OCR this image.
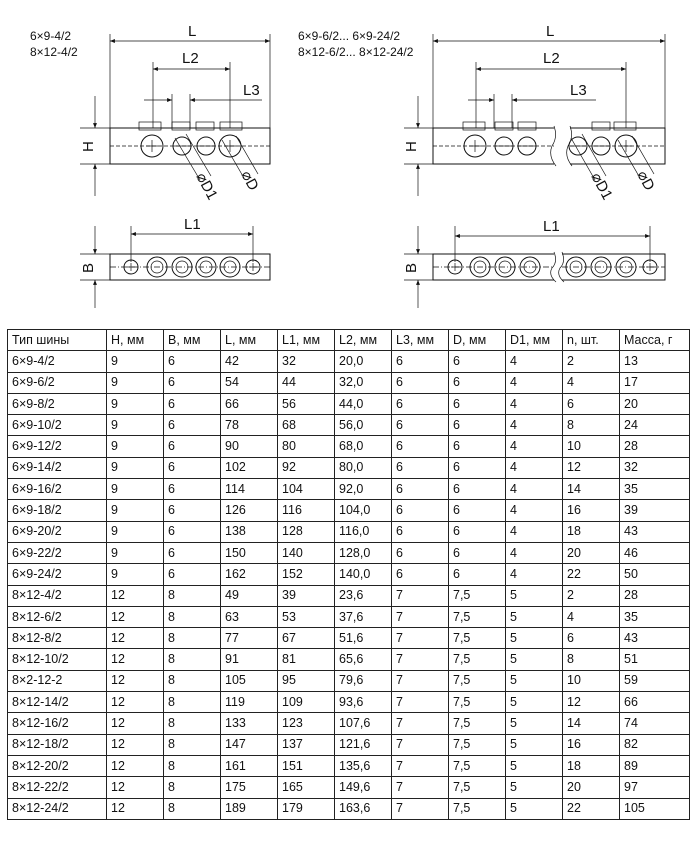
6×9-4/2
8×12-4/2
L
L2
L3
H
⌀D1 ⌀D
L1
B
6×9-6/2... 6×9-24/2
8×12-6/2... 8×12-24/2
L
L2
L3
H
⌀D1 ⌀D
L1
B
Тип шины	H, мм	B, мм	L, мм	L1, мм	L2, мм	L3, мм	D, мм	D1, мм	n, шт.	Масса, г
6×9-4/2	9	6	42	32	20,0	6	6	4	2	13
6×9-6/2	9	6	54	44	32,0	6	6	4	4	17
6×9-8/2	9	6	66	56	44,0	6	6	4	6	20
6×9-10/2	9	6	78	68	56,0	6	6	4	8	24
6×9-12/2	9	6	90	80	68,0	6	6	4	10	28
6×9-14/2	9	6	102	92	80,0	6	6	4	12	32
6×9-16/2	9	6	114	104	92,0	6	6	4	14	35
6×9-18/2	9	6	126	116	104,0	6	6	4	16	39
6×9-20/2	9	6	138	128	116,0	6	6	4	18	43
6×9-22/2	9	6	150	140	128,0	6	6	4	20	46
6×9-24/2	9	6	162	152	140,0	6	6	4	22	50
8×12-4/2	12	8	49	39	23,6	7	7,5	5	2	28
8×12-6/2	12	8	63	53	37,6	7	7,5	5	4	35
8×12-8/2	12	8	77	67	51,6	7	7,5	5	6	43
8×12-10/2	12	8	91	81	65,6	7	7,5	5	8	51
8×2-12-2	12	8	105	95	79,6	7	7,5	5	10	59
8×12-14/2	12	8	119	109	93,6	7	7,5	5	12	66
8×12-16/2	12	8	133	123	107,6	7	7,5	5	14	74
8×12-18/2	12	8	147	137	121,6	7	7,5	5	16	82
8×12-20/2	12	8	161	151	135,6	7	7,5	5	18	89
8×12-22/2	12	8	175	165	149,6	7	7,5	5	20	97
8×12-24/2	12	8	189	179	163,6	7	7,5	5	22	105
